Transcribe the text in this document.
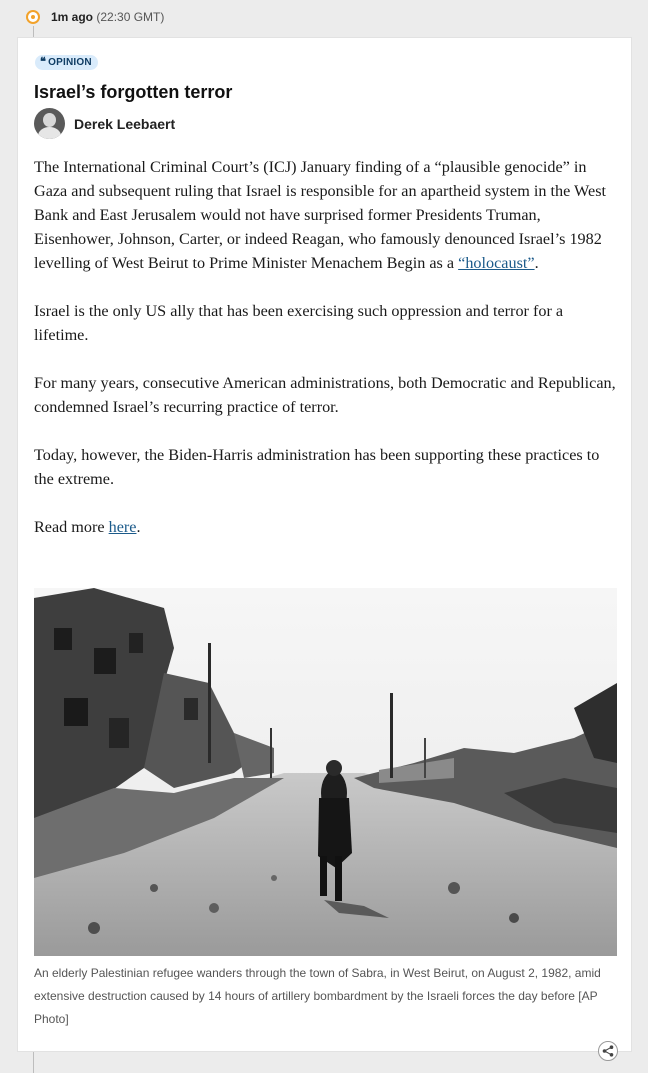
1m ago (22:30 GMT)
❝ OPINION
Israel’s forgotten terror
Derek Leebaert

The International Criminal Court’s (ICJ) January finding of a “plausible genocide” in Gaza and subsequent ruling that Israel is responsible for an apartheid system in the West Bank and East Jerusalem would not have surprised former Presidents Truman, Eisenhower, Johnson, Carter, or indeed Reagan, who famously denounced Israel’s 1982 levelling of West Beirut to Prime Minister Menachem Begin as a “holocaust”.

Israel is the only US ally that has been exercising such oppression and terror for a lifetime.

For many years, consecutive American administrations, both Democratic and Republican, condemned Israel’s recurring practice of terror.

Today, however, the Biden-Harris administration has been supporting these practices to the extreme.

Read more here.

An elderly Palestinian refugee wanders through the town of Sabra, in West Beirut, on August 2, 1982, amid extensive destruction caused by 14 hours of artillery bombardment by the Israeli forces the day before [AP Photo]
